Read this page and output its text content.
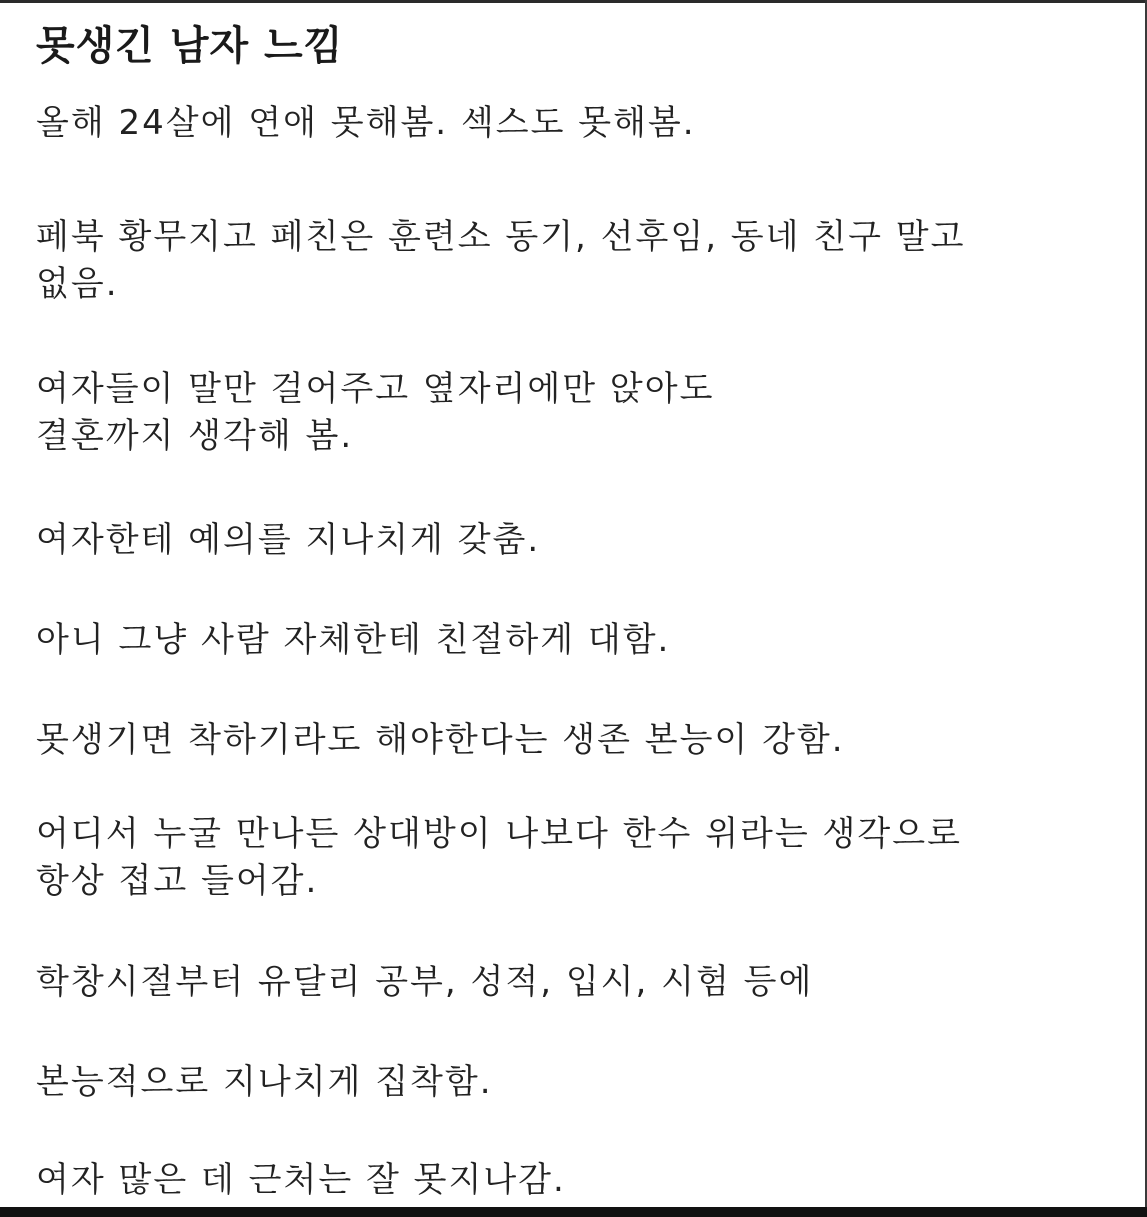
못생긴 남자 느낌

올해 24살에 연애 못해봄. 섹스도 못해봄.

페북 황무지고 페친은 훈련소 동기, 선후임, 동네 친구 말고
없음.

여자들이 말만 걸어주고 옆자리에만 앉아도
결혼까지 생각해 봄.

여자한테 예의를 지나치게 갖춤.

아니 그냥 사람 자체한테 친절하게 대함.

못생기면 착하기라도 해야한다는 생존 본능이 강함.

어디서 누굴 만나든 상대방이 나보다 한수 위라는 생각으로
항상 접고 들어감.

학창시절부터 유달리 공부, 성적, 입시, 시험 등에

본능적으로 지나치게 집착함.

여자 많은 데 근처는 잘 못지나감.
